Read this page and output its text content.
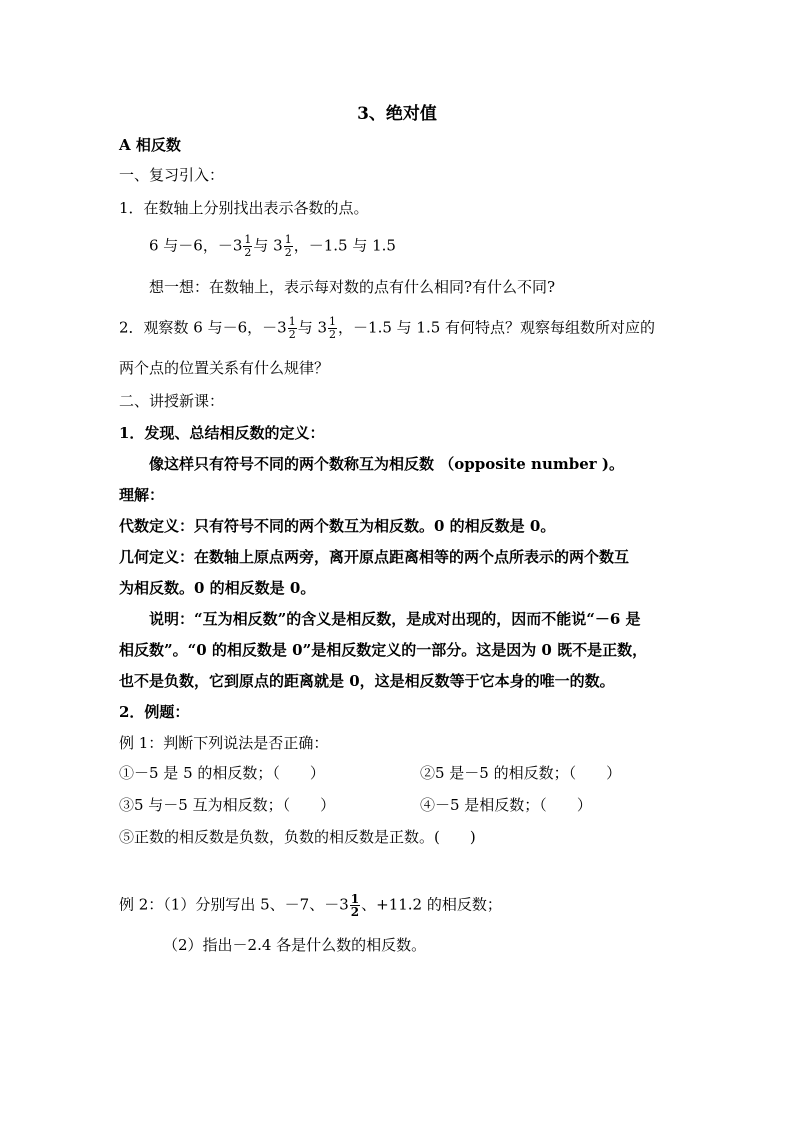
3、绝对值
A 相反数
一、复习引入：
1．在数轴上分别找出表示各数的点。
6 与－6，$-3 \frac{1}{2}$ 与 $3 \frac{1}{2}$ ，－1.5 与 1.5
想一想：在数轴上，表示每对数的点有什么相同?有什么不同?
2．观察数 6 与－6，$-3 \frac{1}{2}$ 与 $3 \frac{1}{2}$ ，－1.5 与 1.5 有何特点？观察每组数所对应的
两个点的位置关系有什么规律？
二、讲授新课：
1．发现、总结相反数的定义：
像这样只有符号不同的两个数称互为相反数 （opposite number )。
理解：
代数定义：只有符号不同的两个数互为相反数。0 的相反数是 0。
几何定义：在数轴上原点两旁，离开原点距离相等的两个点所表示的两个数互
为相反数。0 的相反数是 0。
说明：“互为相反数”的含义是相反数，是成对出现的，因而不能说“－6 是
相反数”。“0 的相反数是 0”是相反数定义的一部分。这是因为 0 既不是正数，
也不是负数，它到原点的距离就是 0，这是相反数等于它本身的唯一的数。
2．例题：
例 1：判断下列说法是否正确：
①－5 是 5 的相反数；（　　）	②5 是－5 的相反数；（　　）
③5 与－5 互为相反数；（　　）	④－5 是相反数；（　　）
⑤正数的相反数是负数，负数的相反数是正数。(　　)
例 2：（1）分别写出 5、－7、$-3 \frac{1}{2}$ 、+11.2 的相反数；
（2）指出－2.4 各是什么数的相反数。
